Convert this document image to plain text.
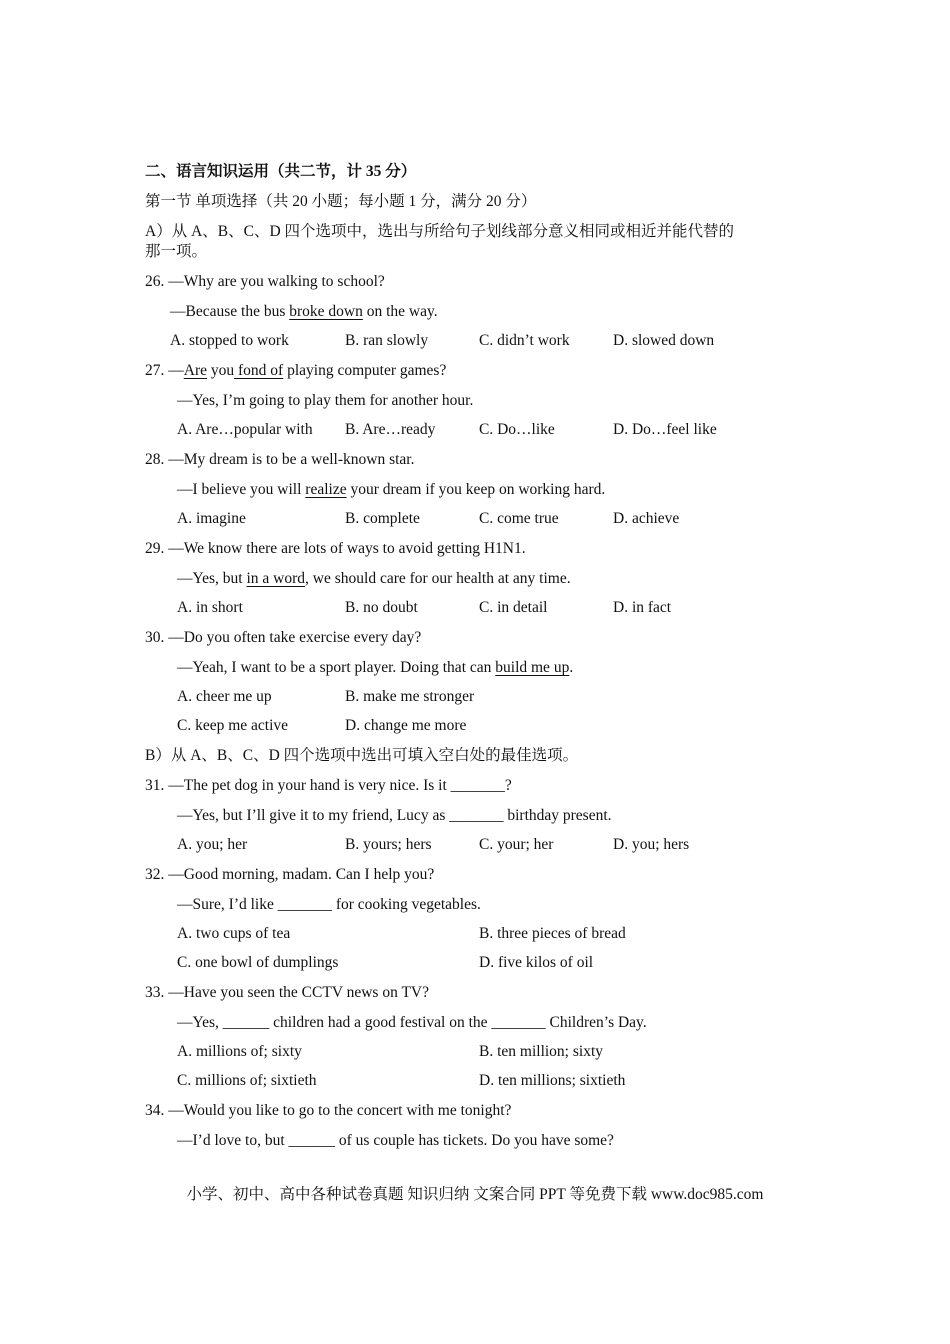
二、语言知识运用（共二节，计 35 分）
第一节 单项选择（共 20 小题；每小题 1 分，满分 20 分）
A）从 A、B、C、D 四个选项中，选出与所给句子划线部分意义相同或相近并能代替的
那一项。
26. —Why are you walking to school?
—Because the bus broke down on the way.
A. stopped to work	B. ran slowly	C. didn’t work	D. slowed down
27. —Are you fond of playing computer games?
—Yes, I’m going to play them for another hour.
A. Are…popular with B. Are…ready	C. Do…like	D. Do…feel like
28. —My dream is to be a well-known star.
—I believe you will realize your dream if you keep on working hard.
A. imagine	B. complete	C. come true	D. achieve
29. —We know there are lots of ways to avoid getting H1N1.
—Yes, but in a word, we should care for our health at any time.
A. in short	B. no doubt	C. in detail	D. in fact
30. —Do you often take exercise every day?
—Yeah, I want to be a sport player. Doing that can build me up.
A. cheer me up	B. make me stronger
C. keep me active	D. change me more
B）从 A、B、C、D 四个选项中选出可填入空白处的最佳选项。
31. —The pet dog in your hand is very nice. Is it _______?
—Yes, but I’ll give it to my friend, Lucy as _______ birthday present.
A. you; her	B. yours; hers	C. your; her	D. you; hers
32. —Good morning, madam. Can I help you?
—Sure, I’d like _______ for cooking vegetables.
A. two cups of tea	B. three pieces of bread
C. one bowl of dumplings	D. five kilos of oil
33. —Have you seen the CCTV news on TV?
—Yes, ______ children had a good festival on the _______ Children’s Day.
A. millions of; sixty	B. ten million; sixty
C. millions of; sixtieth	D. ten millions; sixtieth
34. —Would you like to go to the concert with me tonight?
—I’d love to, but ______ of us couple has tickets. Do you have some?
小学、初中、高中各种试卷真题 知识归纳 文案合同 PPT 等免费下载 www.doc985.com
